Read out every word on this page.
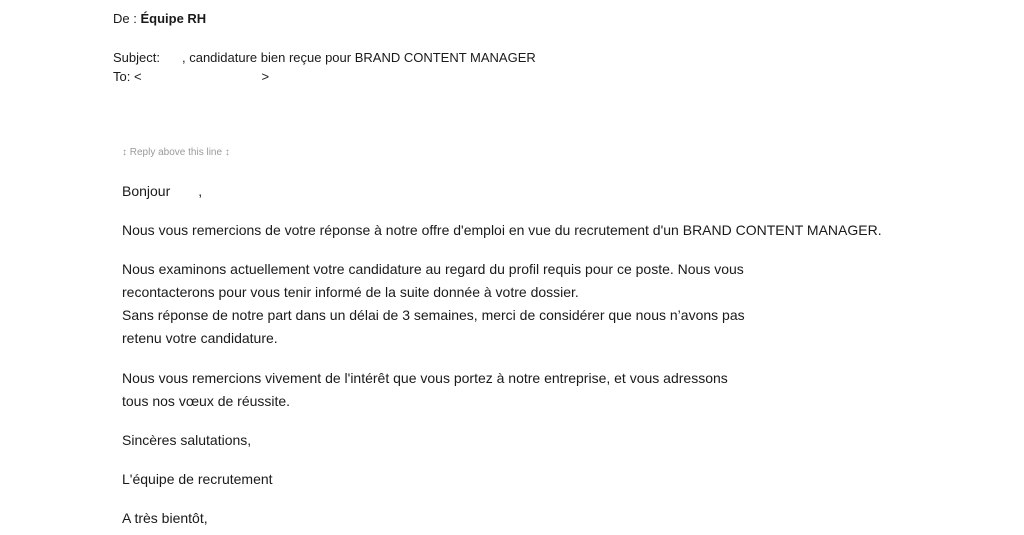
De : Équipe RH
Subject: , candidature bien reçue pour BRAND CONTENT MANAGER
To: <	>
↕ Reply above this line ↕

Bonjour ,

Nous vous remercions de votre réponse à notre offre d'emploi en vue du recrutement d'un BRAND CONTENT MANAGER.

Nous examinons actuellement votre candidature au regard du profil requis pour ce poste. Nous vous

recontacterons pour vous tenir informé de la suite donnée à votre dossier.

Sans réponse de notre part dans un délai de 3 semaines, merci de considérer que nous n’avons pas

retenu votre candidature.

Nous vous remercions vivement de l'intérêt que vous portez à notre entreprise, et vous adressons

tous nos vœux de réussite.

Sincères salutations,

L'équipe de recrutement

A très bientôt,
